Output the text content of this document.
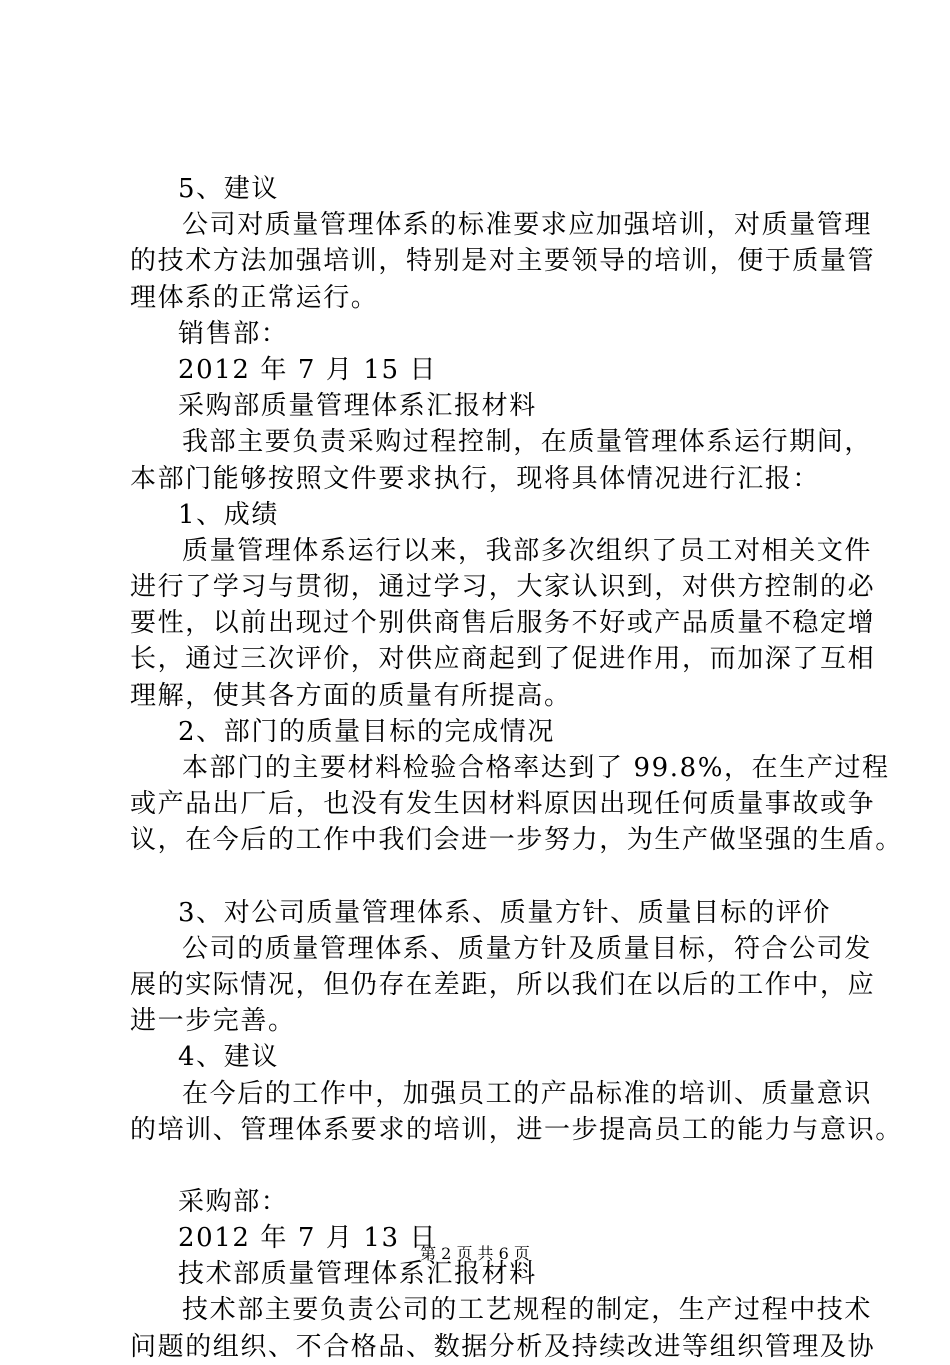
5、建议
公司对质量管理体系的标准要求应加强培训，对质量管理
的技术方法加强培训，特别是对主要领导的培训，便于质量管
理体系的正常运行。
销售部：
2012 年 7 月 15 日
采购部质量管理体系汇报材料
我部主要负责采购过程控制，在质量管理体系运行期间，
本部门能够按照文件要求执行，现将具体情况进行汇报：
1、成绩
质量管理体系运行以来，我部多次组织了员工对相关文件
进行了学习与贯彻，通过学习，大家认识到，对供方控制的必
要性，以前出现过个别供商售后服务不好或产品质量不稳定增
长，通过三次评价，对供应商起到了促进作用，而加深了互相
理解，使其各方面的质量有所提高。
2、部门的质量目标的完成情况
本部门的主要材料检验合格率达到了 99.8%，在生产过程
或产品出厂后，也没有发生因材料原因出现任何质量事故或争
议，在今后的工作中我们会进一步努力，为生产做坚强的生盾。
3、对公司质量管理体系、质量方针、质量目标的评价
公司的质量管理体系、质量方针及质量目标，符合公司发
展的实际情况，但仍存在差距，所以我们在以后的工作中，应
进一步完善。
4、建议
在今后的工作中，加强员工的产品标准的培训、质量意识
的培训、管理体系要求的培训，进一步提高员工的能力与意识。
采购部：
2012 年 7 月 13 日
技术部质量管理体系汇报材料
技术部主要负责公司的工艺规程的制定，生产过程中技术
问题的组织、不合格品、数据分析及持续改进等组织管理及协
第 2 页 共 6 页
